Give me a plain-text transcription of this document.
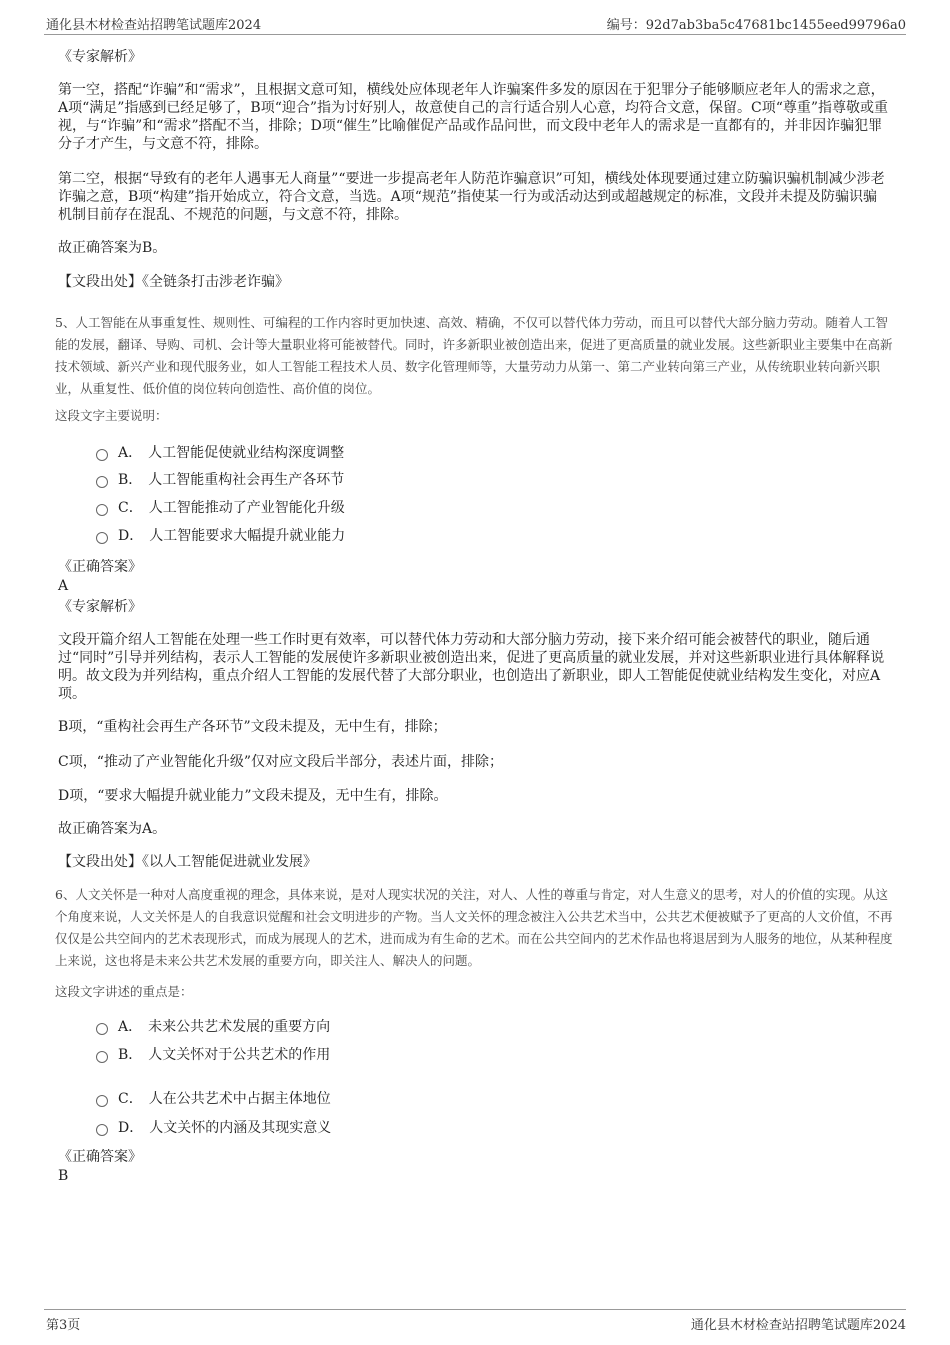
通化县木材检查站招聘笔试题库2024	编号：92d7ab3ba5c47681bc1455eed99796a0
《专家解析》
第一空，搭配“诈骗”和“需求”，且根据文意可知，横线处应体现老年人诈骗案件多发的原因在于犯罪分子能够顺应老年人的需求之意，A项“满足”指感到已经足够了，B项“迎合”指为讨好别人，故意使自己的言行适合别人心意，均符合文意，保留。C项“尊重”指尊敬或重视，与“诈骗”和“需求”搭配不当，排除；D项“催生”比喻催促产品或作品问世，而文段中老年人的需求是一直都有的，并非因诈骗犯罪分子才产生，与文意不符，排除。
第二空，根据“导致有的老年人遇事无人商量”“要进一步提高老年人防范诈骗意识”可知，横线处体现要通过建立防骗识骗机制减少涉老诈骗之意，B项“构建”指开始成立，符合文意，当选。A项“规范”指使某一行为或活动达到或超越规定的标准，文段并未提及防骗识骗机制目前存在混乱、不规范的问题，与文意不符，排除。
故正确答案为B。
【文段出处】《全链条打击涉老诈骗》
5、人工智能在从事重复性、规则性、可编程的工作内容时更加快速、高效、精确，不仅可以替代体力劳动，而且可以替代大部分脑力劳动。随着人工智能的发展，翻译、导购、司机、会计等大量职业将可能被替代。同时，许多新职业被创造出来，促进了更高质量的就业发展。这些新职业主要集中在高新技术领域、新兴产业和现代服务业，如人工智能工程技术人员、数字化管理师等，大量劳动力从第一、第二产业转向第三产业，从传统职业转向新兴职业，从重复性、低价值的岗位转向创造性、高价值的岗位。
这段文字主要说明：
A． 人工智能促使就业结构深度调整
B． 人工智能重构社会再生产各环节
C． 人工智能推动了产业智能化升级
D． 人工智能要求大幅提升就业能力
《正确答案》
A
《专家解析》
文段开篇介绍人工智能在处理一些工作时更有效率，可以替代体力劳动和大部分脑力劳动，接下来介绍可能会被替代的职业，随后通过“同时”引导并列结构，表示人工智能的发展使许多新职业被创造出来，促进了更高质量的就业发展，并对这些新职业进行具体解释说明。故文段为并列结构，重点介绍人工智能的发展代替了大部分职业，也创造出了新职业，即人工智能促使就业结构发生变化，对应A项。
B项，“重构社会再生产各环节”文段未提及，无中生有，排除；
C项，“推动了产业智能化升级”仅对应文段后半部分，表述片面，排除；
D项，“要求大幅提升就业能力”文段未提及，无中生有，排除。
故正确答案为A。
【文段出处】《以人工智能促进就业发展》
6、人文关怀是一种对人高度重视的理念，具体来说，是对人现实状况的关注，对人、人性的尊重与肯定，对人生意义的思考，对人的价值的实现。从这个角度来说，人文关怀是人的自我意识觉醒和社会文明进步的产物。当人文关怀的理念被注入公共艺术当中，公共艺术便被赋予了更高的人文价值，不再仅仅是公共空间内的艺术表现形式，而成为展现人的艺术，进而成为有生命的艺术。而在公共空间内的艺术作品也将退居到为人服务的地位，从某种程度上来说，这也将是未来公共艺术发展的重要方向，即关注人、解决人的问题。
这段文字讲述的重点是：
A． 未来公共艺术发展的重要方向
B． 人文关怀对于公共艺术的作用
C． 人在公共艺术中占据主体地位
D． 人文关怀的内涵及其现实意义
《正确答案》
B
第3页	通化县木材检查站招聘笔试题库2024
